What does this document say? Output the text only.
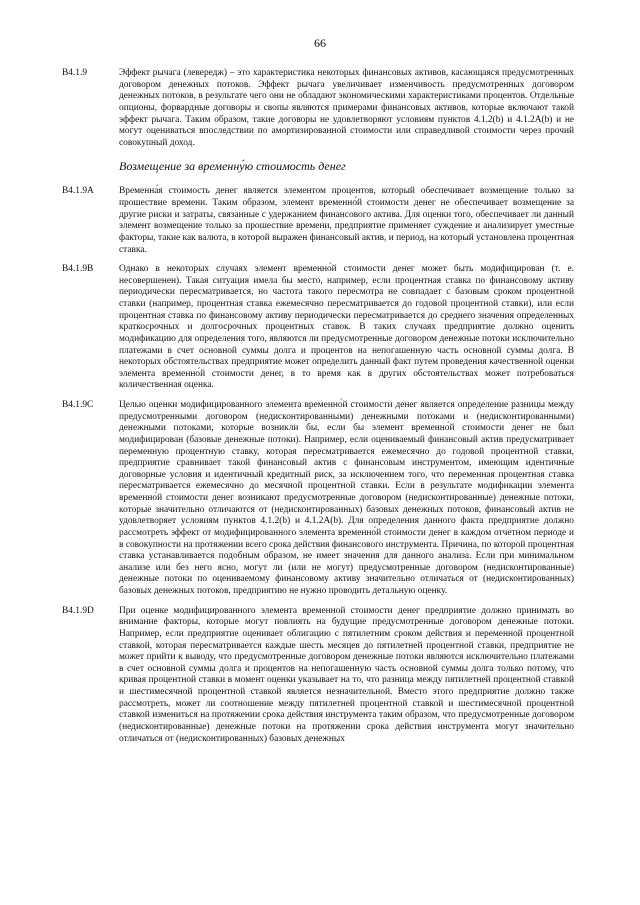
66
B4.1.9	Эффект рычага (левередж) – это характеристика некоторых финансовых активов, касающаяся предусмотренных договором денежных потоков. Эффект рычага увеличивает изменчивость предусмотренных договором денежных потоков, в результате чего они не обладают экономическими характеристиками процентов. Отдельные опционы, форвардные договоры и свопы являются примерами финансовых активов, которые включают такой эффект рычага. Таким образом, такие договоры не удовлетворяют условиям пунктов 4.1.2(b) и 4.1.2A(b) и не могут оцениваться впоследствии по амортизированной стоимости или справедливой стоимости через прочий совокупный доход.

Возмещение за временну́ю стоимость денег
B4.1.9A	Временна́я стоимость денег является элементом процентов, который обеспечивает возмещение только за прошествие времени. Таким образом, элемент временно́й стоимости денег не обеспечивает возмещение за другие риски и затраты, связанные с удержанием финансового актива. Для оценки того, обеспечивает ли данный элемент возмещение только за прошествие времени, предприятие применяет суждение и анализирует уместные факторы, такие как валюта, в которой выражен финансовый актив, и период, на который установлена процентная ставка.

B4.1.9B	Однако в некоторых случаях элемент временно́й стоимости денег может быть модифицирован (т. е. несовершенен). Такая ситуация имела бы место, например, если процентная ставка по финансовому активу периодически пересматривается, но частота такого пересмотра не совпадает с базовым сроком процентной ставки (например, процентная ставка ежемесячно пересматривается до годовой процентной ставки), или если процентная ставка по финансовому активу периодически пересматривается до среднего значения определенных краткосрочных и долгосрочных процентных ставок. В таких случаях предприятие должно оценить модификацию для определения того, являются ли предусмотренные договором денежные потоки исключительно платежами в счет основной суммы долга и процентов на непогашенную часть основной суммы долга. В некоторых обстоятельствах предприятие может определить данный факт путем проведения качественной оценки элемента временно́й стоимости денег, в то время как в других обстоятельствах может потребоваться количественная оценка.

B4.1.9C	Целью оценки модифицированного элемента временно́й стоимости денег является определение разницы между предусмотренными договором (недисконтированными) денежными потоками и (недисконтированными) денежными потоками, которые возникли бы, если бы элемент временно́й стоимости денег не был модифицирован (базовые денежные потоки). Например, если оцениваемый финансовый актив предусматривает переменную процентную ставку, которая пересматривается ежемесячно до годовой процентной ставки, предприятие сравнивает такой финансовый актив с финансовым инструментом, имеющим идентичные договорные условия и идентичный кредитный риск, за исключением того, что переменная процентная ставка пересматривается ежемесячно до месячной процентной ставки. Если в результате модификации элемента временно́й стоимости денег возникают предусмотренные договором (недисконтированные) денежные потоки, которые значительно отличаются от (недисконтированных) базовых денежных потоков, финансовый актив не удовлетворяет условиям пунктов 4.1.2(b) и 4.1.2A(b). Для определения данного факта предприятие должно рассмотреть эффект от модифицированного элемента временно́й стоимости денег в каждом отчетном периоде и в совокупности на протяжении всего срока действия финансового инструмента. Причина, по которой процентная ставка устанавливается подобным образом, не имеет значения для данного анализа. Если при минимальном анализе или без него ясно, могут ли (или не могут) предусмотренные договором (недисконтированные) денежные потоки по оцениваемому финансовому активу значительно отличаться от (недисконтированных) базовых денежных потоков, предприятию не нужно проводить детальную оценку.

B4.1.9D	При оценке модифицированного элемента временной стоимости денег предприятие должно принимать во внимание факторы, которые могут повлиять на будущие предусмотренные договором денежные потоки. Например, если предприятие оценивает облигацию с пятилетним сроком действия и переменной процентной ставкой, которая пересматривается каждые шесть месяцев до пятилетней процентной ставки, предприятие не может прийти к выводу, что предусмотренные договором денежные потоки являются исключительно платежами в счет основной суммы долга и процентов на непогашенную часть основной суммы долга только потому, что кривая процентной ставки в момент оценки указывает на то, что разница между пятилетней процентной ставкой и шестимесячной процентной ставкой является незначительной. Вместо этого предприятие должно также рассмотреть, может ли соотношение между пятилетней процентной ставкой и шестимесячной процентной ставкой измениться на протяжении срока действия инструмента таким образом, что предусмотренные договором (недисконтированные) денежные потоки на протяжении срока действия инструмента могут значительно отличаться от (недисконтированных) базовых денежных
